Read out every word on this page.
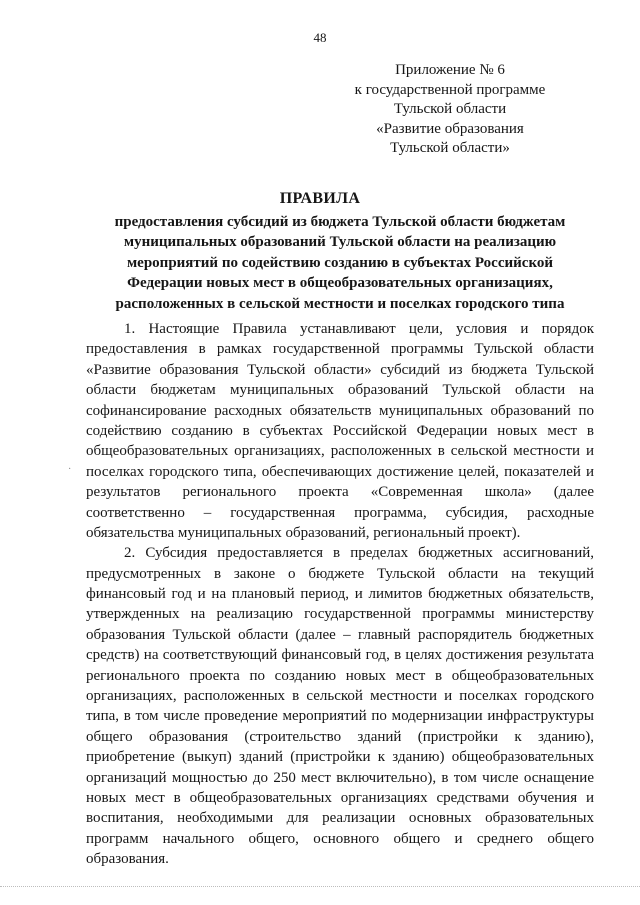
48
Приложение № 6
к государственной программе
Тульской области
«Развитие образования
Тульской области»
ПРАВИЛА
предоставления субсидий из бюджета Тульской области бюджетам
муниципальных образований Тульской области на реализацию
мероприятий по содействию созданию в субъектах Российской
Федерации новых мест в общеобразовательных организациях,
расположенных в сельской местности и поселках городского типа
1. Настоящие Правила устанавливают цели, условия и порядок
предоставления в рамках государственной программы Тульской области
«Развитие образования Тульской области» субсидий из бюджета Тульской
области бюджетам муниципальных образований Тульской области на
софинансирование расходных обязательств муниципальных образований по
содействию созданию в субъектах Российской Федерации новых мест в
общеобразовательных организациях, расположенных в сельской местности и
поселках городского типа, обеспечивающих достижение целей, показателей и
результатов регионального проекта «Современная школа» (далее
соответственно – государственная программа, субсидия, расходные
обязательства муниципальных образований, региональный проект).
2. Субсидия предоставляется в пределах бюджетных ассигнований,
предусмотренных в законе о бюджете Тульской области на текущий
финансовый год и на плановый период, и лимитов бюджетных обязательств,
утвержденных на реализацию государственной программы министерству
образования Тульской области (далее – главный распорядитель бюджетных
средств) на соответствующий финансовый год, в целях достижения результата
регионального проекта по созданию новых мест в общеобразовательных
организациях, расположенных в сельской местности и поселках городского
типа, в том числе проведение мероприятий по модернизации инфраструктуры
общего образования (строительство зданий (пристройки к зданию),
приобретение (выкуп) зданий (пристройки к зданию) общеобразовательных
организаций мощностью до 250 мест включительно), в том числе оснащение
новых мест в общеобразовательных организациях средствами обучения и
воспитания, необходимыми для реализации основных образовательных
программ начального общего, основного общего и среднего общего
образования.
·
